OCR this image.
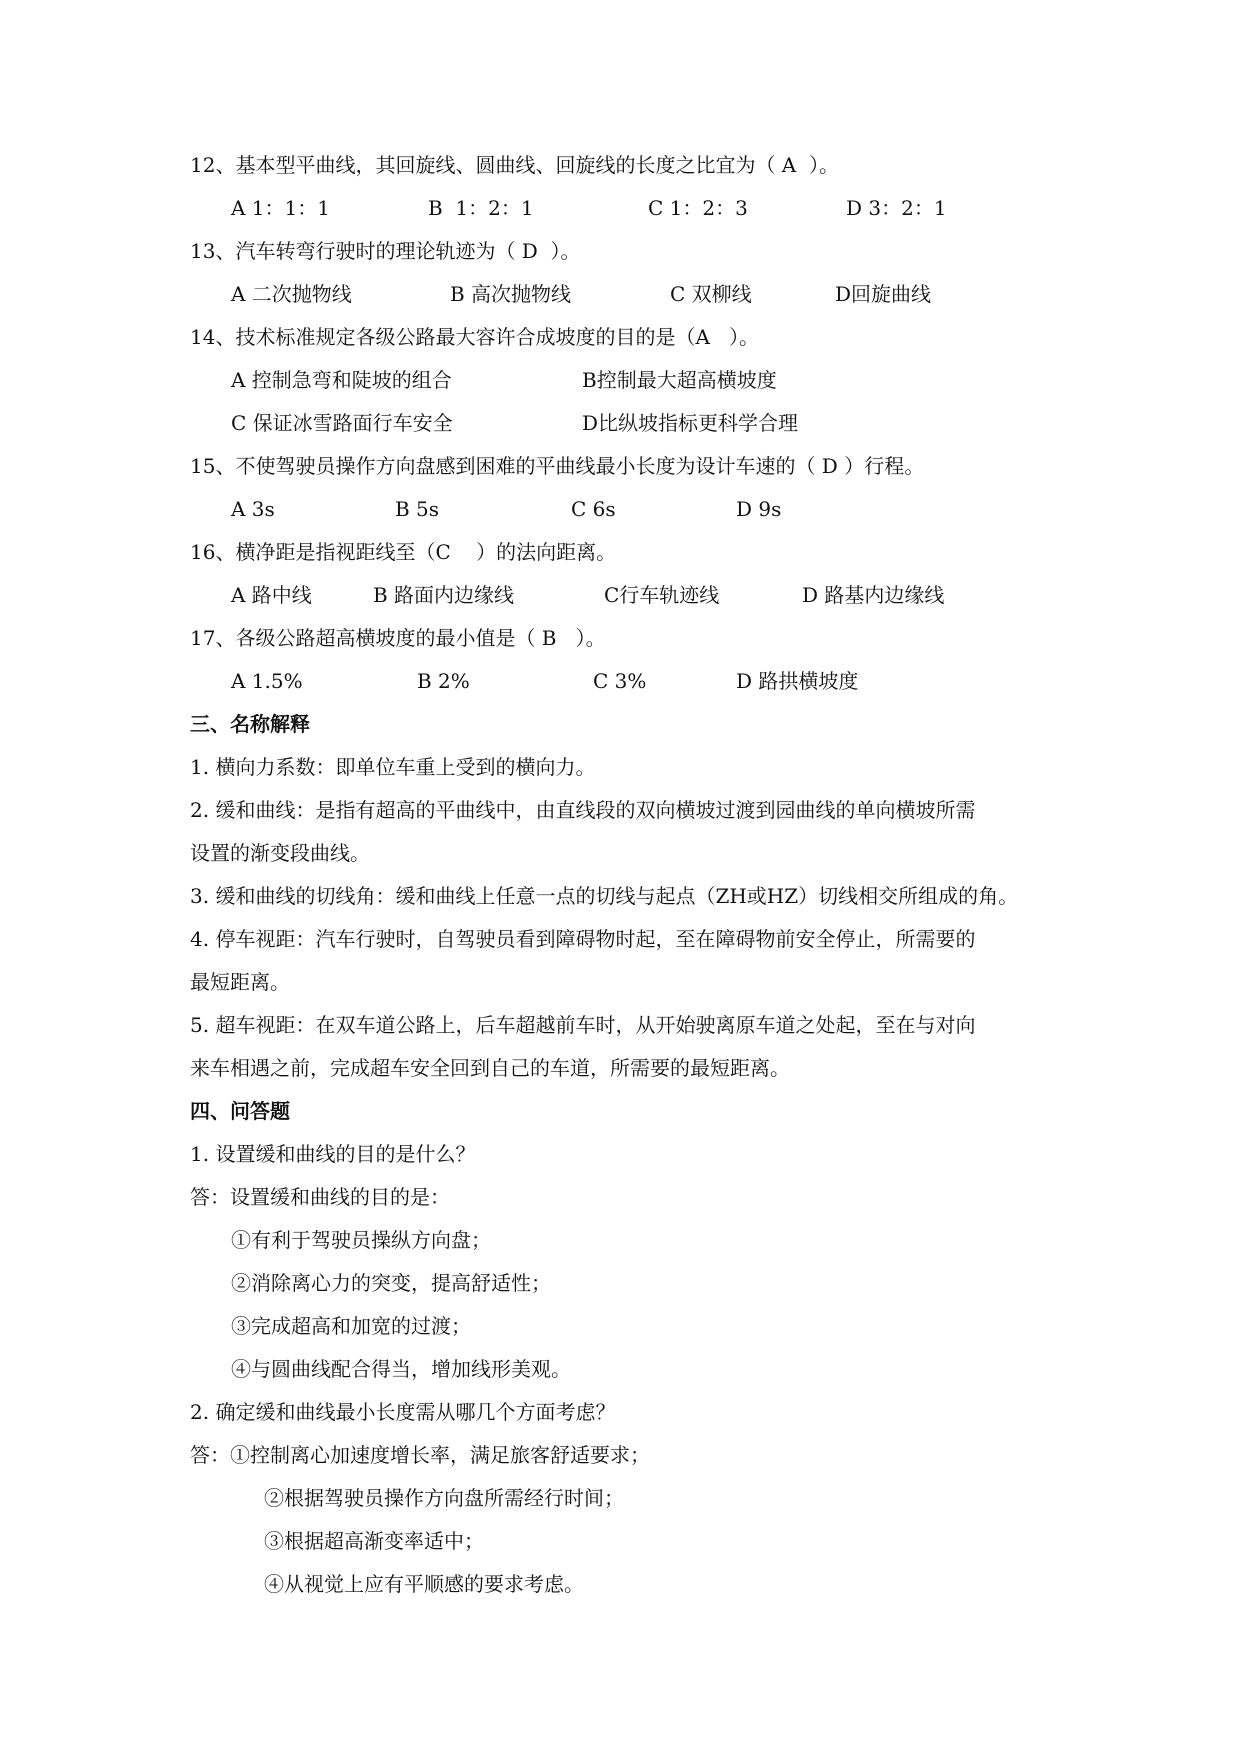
12、基本型平曲线，其回旋线、圆曲线、回旋线的长度之比宜为（ A  ）。
A 1：1：1	B  1：2：1	C 1：2：3	D 3：2：1
13、汽车转弯行驶时的理论轨迹为（ D  ）。
A 二次抛物线	B 高次抛物线	C 双柳线	D回旋曲线
14、技术标准规定各级公路最大容许合成坡度的目的是（A   ）。
A 控制急弯和陡坡的组合	B控制最大超高横坡度
C 保证冰雪路面行车安全	D比纵坡指标更科学合理
15、不使驾驶员操作方向盘感到困难的平曲线最小长度为设计车速的（ D ）行程。
A 3s	B 5s	C 6s	D 9s
16、横净距是指视距线至（C    ）的法向距离。
A 路中线	B 路面内边缘线	C行车轨迹线	D 路基内边缘线
17、各级公路超高横坡度的最小值是（ B   ）。
A 1.5%	B 2%	C 3%	D 路拱横坡度
三、名称解释
1. 横向力系数：即单位车重上受到的横向力。
2. 缓和曲线：是指有超高的平曲线中，由直线段的双向横坡过渡到园曲线的单向横坡所需
设置的渐变段曲线。
3. 缓和曲线的切线角：缓和曲线上任意一点的切线与起点（ZH或HZ）切线相交所组成的角。
4. 停车视距：汽车行驶时，自驾驶员看到障碍物时起，至在障碍物前安全停止，所需要的
最短距离。
5. 超车视距：在双车道公路上，后车超越前车时，从开始驶离原车道之处起，至在与对向
来车相遇之前，完成超车安全回到自己的车道，所需要的最短距离。
四、问答题
1. 设置缓和曲线的目的是什么？
答：设置缓和曲线的目的是：
①有利于驾驶员操纵方向盘；
②消除离心力的突变，提高舒适性；
③完成超高和加宽的过渡；
④与圆曲线配合得当，增加线形美观。
2. 确定缓和曲线最小长度需从哪几个方面考虑？
答：①控制离心加速度增长率，满足旅客舒适要求；
②根据驾驶员操作方向盘所需经行时间；
③根据超高渐变率适中；
④从视觉上应有平顺感的要求考虑。
